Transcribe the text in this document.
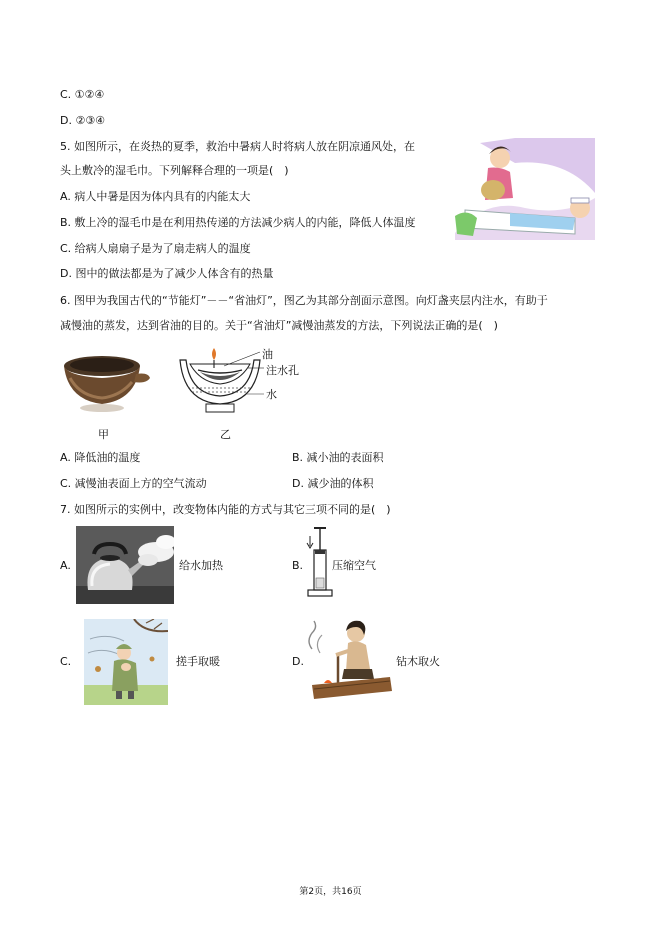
C. ①②④
D. ②③④
5. 如图所示，在炎热的夏季，救治中暑病人时将病人放在阴凉通风处，在
头上敷冷的湿毛巾。下列解释合理的一项是(　)
A. 病人中暑是因为体内具有的内能太大
B. 敷上冷的湿毛巾是在利用热传递的方法减少病人的内能，降低人体温度
C. 给病人扇扇子是为了扇走病人的温度
D. 图中的做法都是为了减少人体含有的热量
6. 图甲为我国古代的“节能灯”－－“省油灯”，图乙为其部分剖面示意图。向灯盏夹层内注水，有助于
减慢油的蒸发，达到省油的目的。关于“省油灯”减慢油蒸发的方法，下列说法正确的是(　)
甲
油
注水孔
水
乙
A. 降低油的温度	B. 减小油的表面积
C. 减慢油表面上方的空气流动	D. 减少油的体积
7. 如图所示的实例中，改变物体内能的方式与其它三项不同的是(　)
A.	给水加热	B.	压缩空气
C.	搓手取暖	D.	钻木取火
第2页，共16页
